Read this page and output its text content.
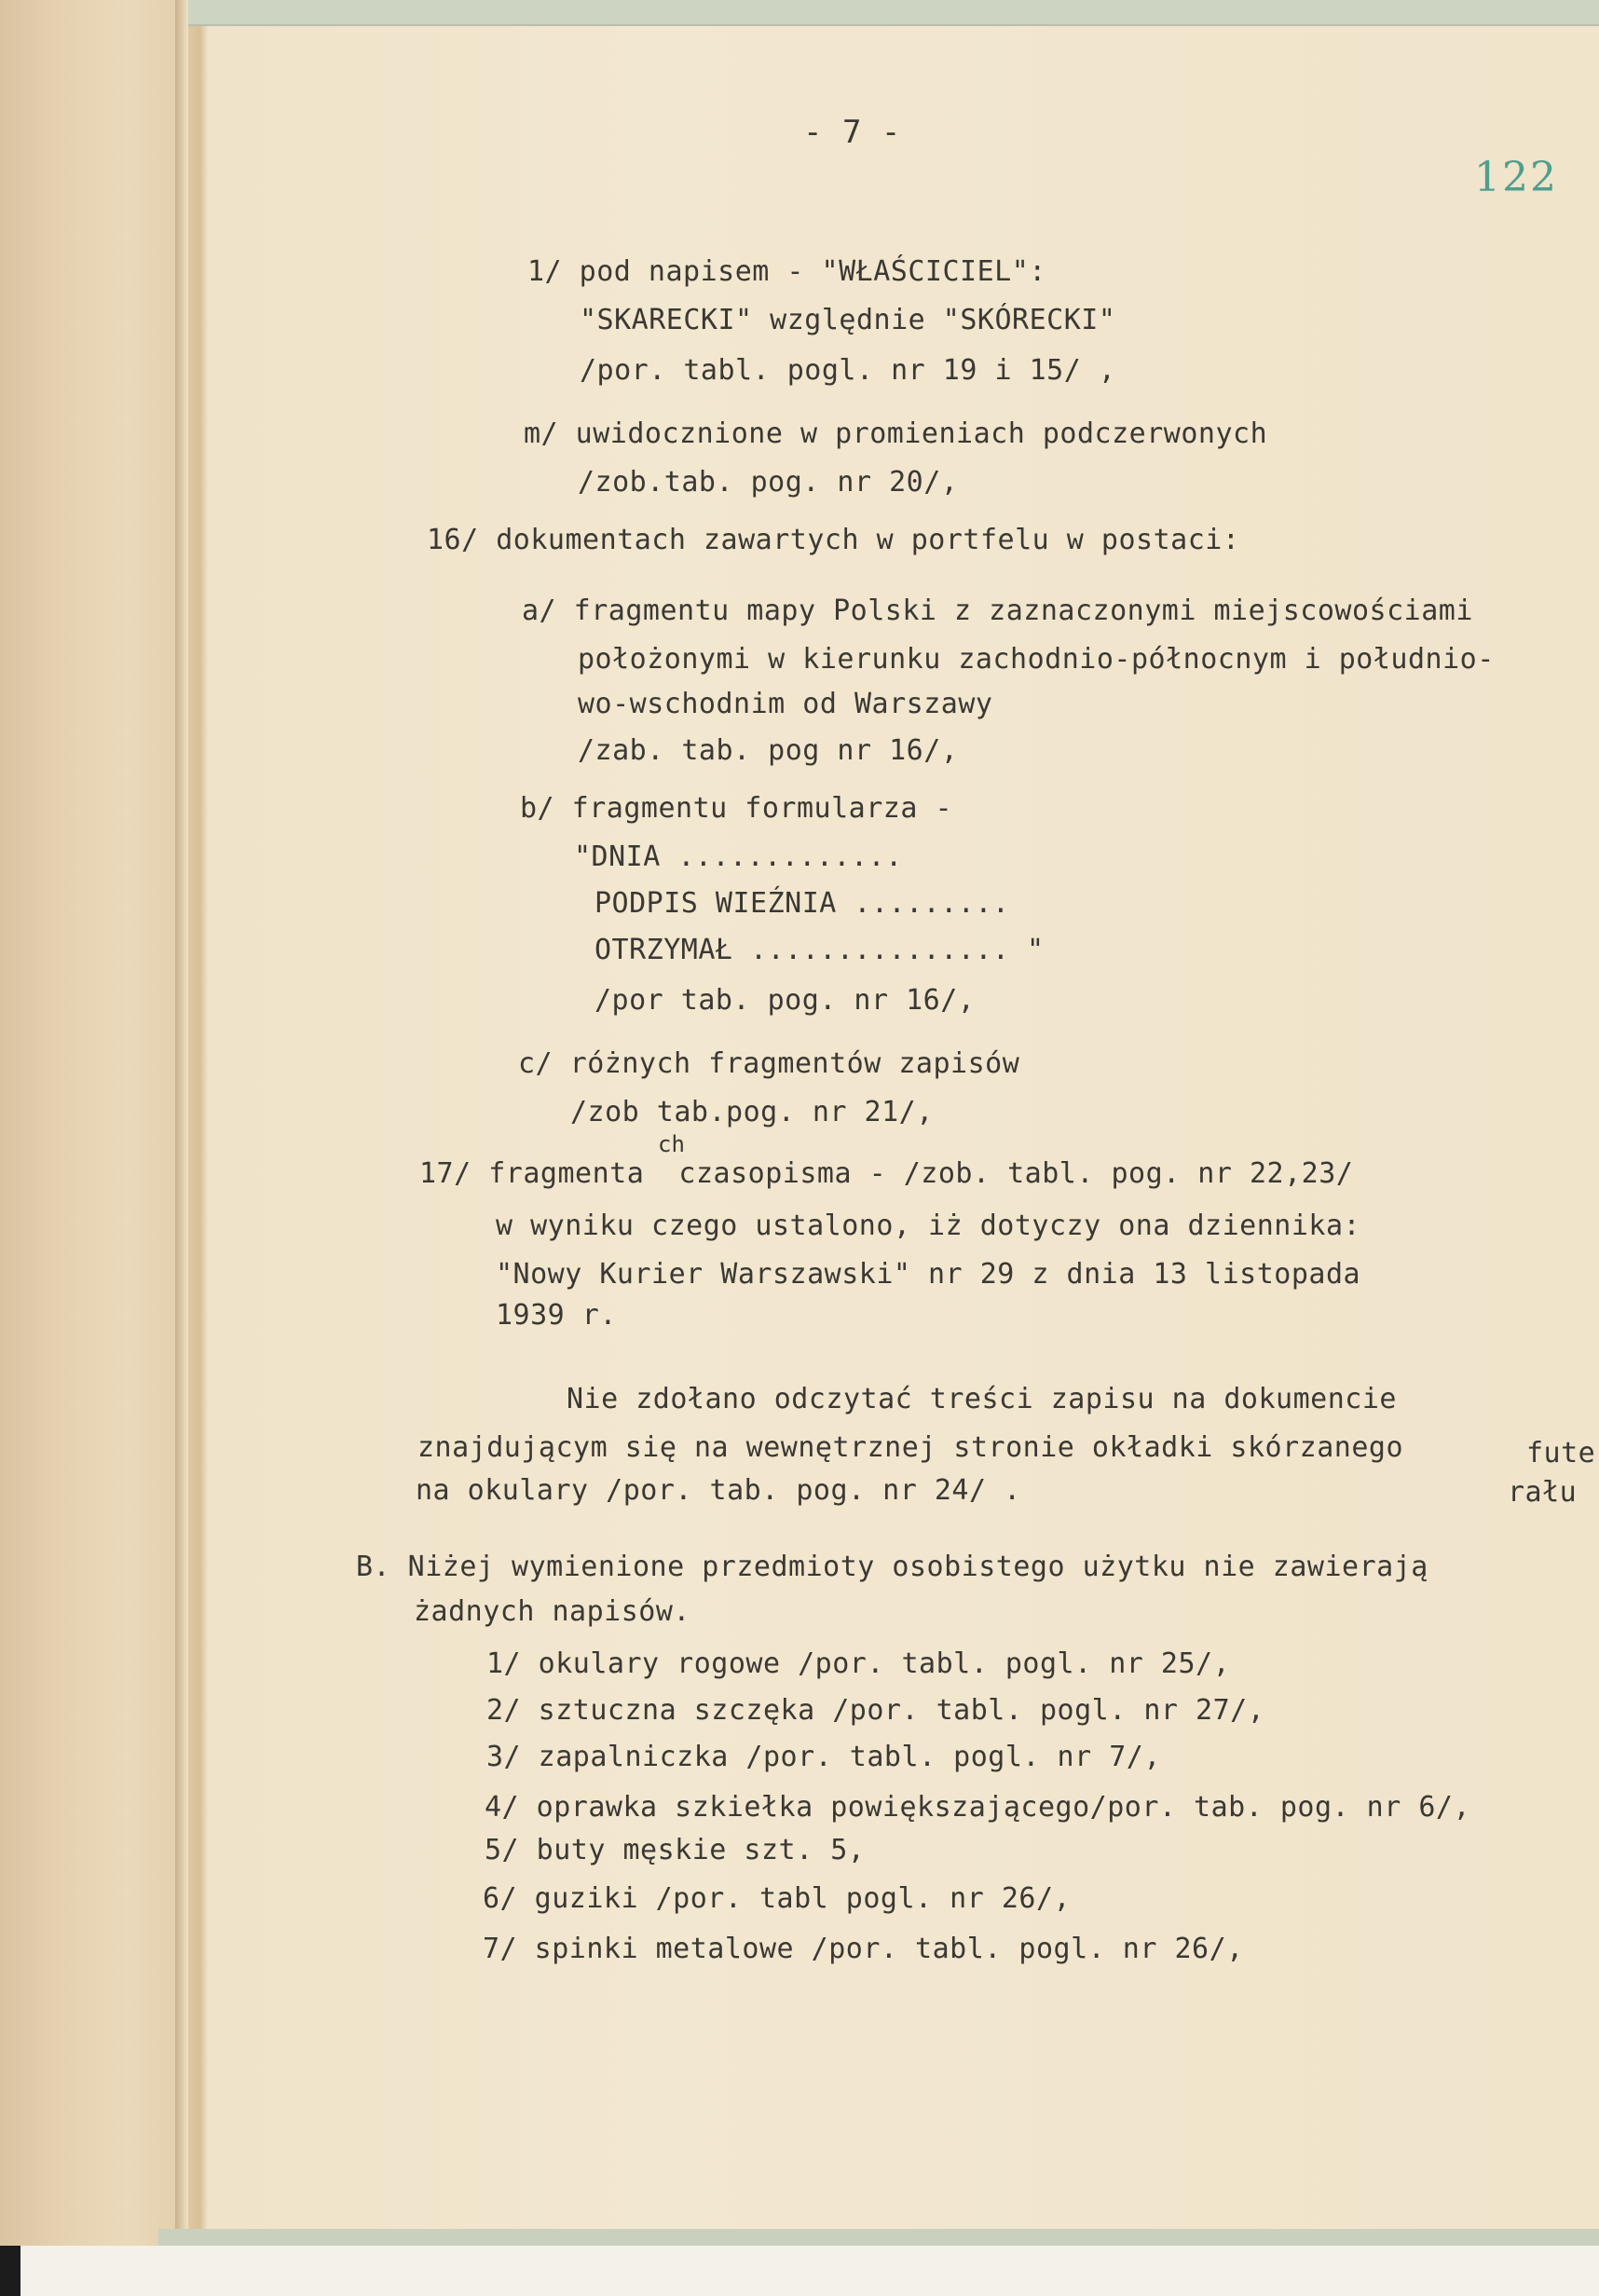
- 7 -
122
1/ pod napisem - "WŁAŚCICIEL":
"SKARECKI" względnie "SKÓRECKI"
/por. tabl. pogl. nr 19 i 15/ ,
m/ uwidocznione w promieniach podczerwonych
/zob.tab. pog. nr 20/,
16/ dokumentach zawartych w portfelu w postaci:
a/ fragmentu mapy Polski z zaznaczonymi miejscowościami
położonymi w kierunku zachodnio-północnym i południo-
wo-wschodnim od Warszawy
/zab. tab. pog nr 16/,
b/ fragmentu formularza -
"DNIA .............
PODPIS WIEŹNIA .........
OTRZYMAŁ ............... "
/por tab. pog. nr 16/,
c/ różnych fragmentów zapisów
/zob tab.pog. nr 21/,
ch
17/ fragmenta  czasopisma - /zob. tabl. pog. nr 22,23/
w wyniku czego ustalono, iż dotyczy ona dziennika:
"Nowy Kurier Warszawski" nr 29 z dnia 13 listopada
1939 r.
Nie zdołano odczytać treści zapisu na dokumencie
znajdującym się na wewnętrznej stronie okładki skórzanego	futе
na okulary /por. tab. pog. nr 24/ .	rału
B. Niżej wymienione przedmioty osobistego użytku nie zawierają
żadnych napisów.
1/ okulary rogowe /por. tabl. pogl. nr 25/,
2/ sztuczna szczęka /por. tabl. pogl. nr 27/,
3/ zapalniczka /por. tabl. pogl. nr 7/,
4/ oprawka szkiełka powiększającego/por. tab. pog. nr 6/,
5/ buty męskie szt. 5,
6/ guziki /por. tabl pogl. nr 26/,
7/ spinki metalowe /por. tabl. pogl. nr 26/,
